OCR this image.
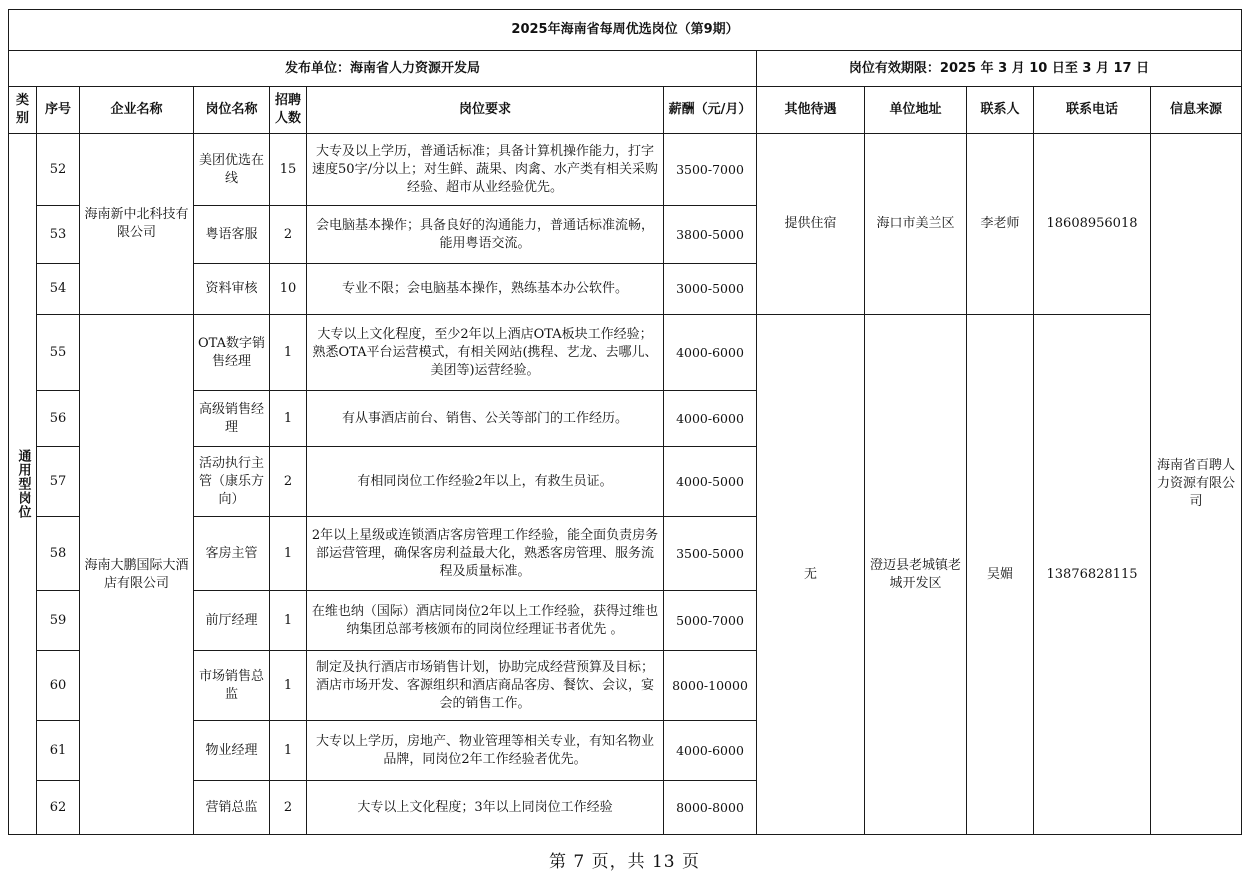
2025年海南省每周优选岗位（第9期）											
发布单位：海南省人力资源开发局							岗位有效期限：2025 年 3 月 10 日至 3 月 17 日				
类别	序号	企业名称	岗位名称	招聘人数	岗位要求	薪酬（元/月）	其他待遇	单位地址	联系人	联系电话	信息来源
通用型岗位	52	海南新中北科技有限公司	美团优选在线	15	大专及以上学历，普通话标准；具备计算机操作能力，打字速度50字/分以上；对生鲜、蔬果、肉禽、水产类有相关采购经验、超市从业经验优先。	3500-7000	提供住宿	海口市美兰区	李老师	18608956018	海南省百聘人力资源有限公司
	53		粤语客服	2	会电脑基本操作；具备良好的沟通能力，普通话标准流畅，能用粤语交流。	3800-5000					
	54		资料审核	10	专业不限；会电脑基本操作，熟练基本办公软件。	3000-5000					
	55	海南大鹏国际大酒店有限公司	OTA数字销售经理	1	大专以上文化程度，至少2年以上酒店OTA板块工作经验；熟悉OTA平台运营模式，有相关网站(携程、艺龙、去哪儿、美团等)运营经验。	4000-6000	无	澄迈县老城镇老城开发区	吴媚	13876828115	
	56		高级销售经理	1	有从事酒店前台、销售、公关等部门的工作经历。	4000-6000					
	57		活动执行主管（康乐方向）	2	有相同岗位工作经验2年以上，有救生员证。	4000-5000					
	58		客房主管	1	2年以上星级或连锁酒店客房管理工作经验，能全面负责房务部运营管理，确保客房利益最大化，熟悉客房管理、服务流程及质量标准。	3500-5000					
	59		前厅经理	1	在维也纳（国际）酒店同岗位2年以上工作经验，获得过维也纳集团总部考核颁布的同岗位经理证书者优先 。	5000-7000					
	60		市场销售总监	1	制定及执行酒店市场销售计划，协助完成经营预算及目标；酒店市场开发、客源组织和酒店商品客房、餐饮、会议，宴会的销售工作。	8000-10000					
	61		物业经理	1	大专以上学历，房地产、物业管理等相关专业，有知名物业品牌，同岗位2年工作经验者优先。	4000-6000					
	62		营销总监	2	大专以上文化程度；3年以上同岗位工作经验	8000-8000					
第 7 页，共 13 页
